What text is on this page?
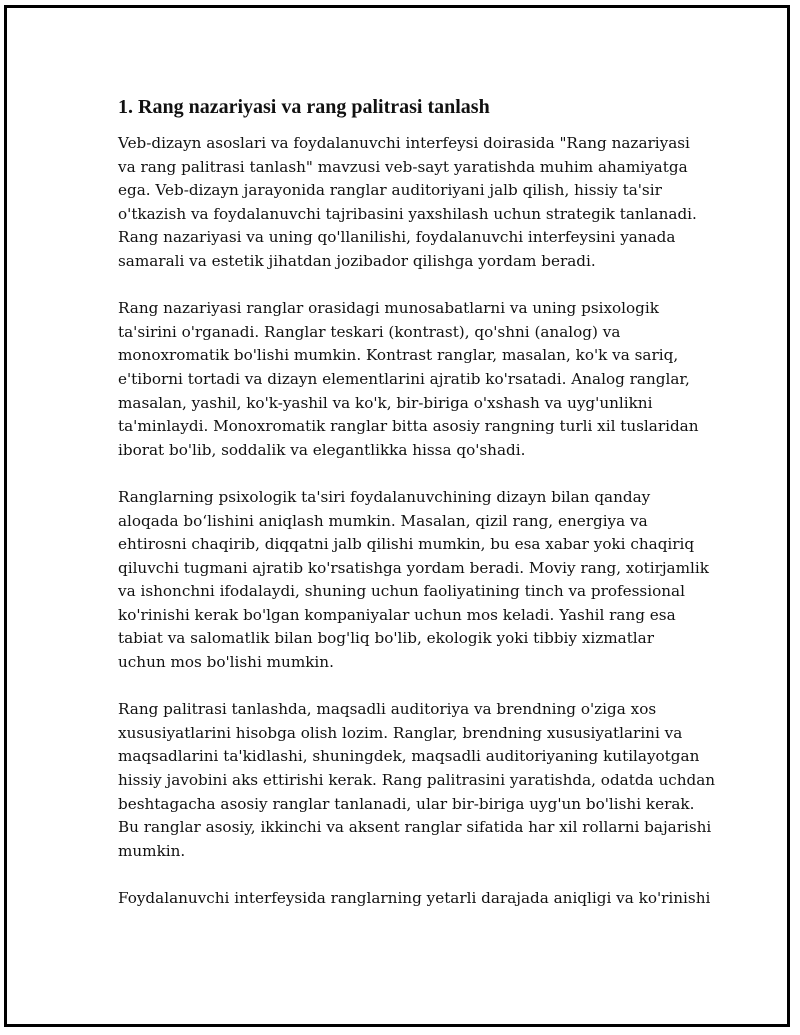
1. Rang nazariyasi va rang palitrasi tanlash

Veb-dizayn asoslari va foydalanuvchi interfeysi doirasida "Rang nazariyasi
va rang palitrasi tanlash" mavzusi veb-sayt yaratishda muhim ahamiyatga
ega. Veb-dizayn jarayonida ranglar auditoriyani jalb qilish, hissiy ta'sir
o'tkazish va foydalanuvchi tajribasini yaxshilash uchun strategik tanlanadi.
Rang nazariyasi va uning qo'llanilishi, foydalanuvchi interfeysini yanada
samarali va estetik jihatdan jozibador qilishga yordam beradi.

Rang nazariyasi ranglar orasidagi munosabatlarni va uning psixologik
ta'sirini o'rganadi. Ranglar teskari (kontrast), qo'shni (analog) va
monoxromatik bo'lishi mumkin. Kontrast ranglar, masalan, ko'k va sariq,
e'tiborni tortadi va dizayn elementlarini ajratib ko'rsatadi. Analog ranglar,
masalan, yashil, ko'k-yashil va ko'k, bir-biriga o'xshash va uyg'unlikni
ta'minlaydi. Monoxromatik ranglar bitta asosiy rangning turli xil tuslaridan
iborat bo'lib, soddalik va elegantlikka hissa qo'shadi.

Ranglarning psixologik ta'siri foydalanuvchining dizayn bilan qanday
aloqada bo‘lishini aniqlash mumkin. Masalan, qizil rang, energiya va
ehtirosni chaqirib, diqqatni jalb qilishi mumkin, bu esa xabar yoki chaqiriq
qiluvchi tugmani ajratib ko'rsatishga yordam beradi. Moviy rang, xotirjamlik
va ishonchni ifodalaydi, shuning uchun faoliyatining tinch va professional
ko'rinishi kerak bo'lgan kompaniyalar uchun mos keladi. Yashil rang esa
tabiat va salomatlik bilan bog'liq bo'lib, ekologik yoki tibbiy xizmatlar
uchun mos bo'lishi mumkin.

Rang palitrasi tanlashda, maqsadli auditoriya va brendning o'ziga xos
xususiyatlarini hisobga olish lozim. Ranglar, brendning xususiyatlarini va
maqsadlarini ta'kidlashi, shuningdek, maqsadli auditoriyaning kutilayotgan
hissiy javobini aks ettirishi kerak. Rang palitrasini yaratishda, odatda uchdan
beshtagacha asosiy ranglar tanlanadi, ular bir-biriga uyg'un bo'lishi kerak.
Bu ranglar asosiy, ikkinchi va aksent ranglar sifatida har xil rollarni bajarishi
mumkin.

Foydalanuvchi interfeysida ranglarning yetarli darajada aniqligi va ko'rinishi
